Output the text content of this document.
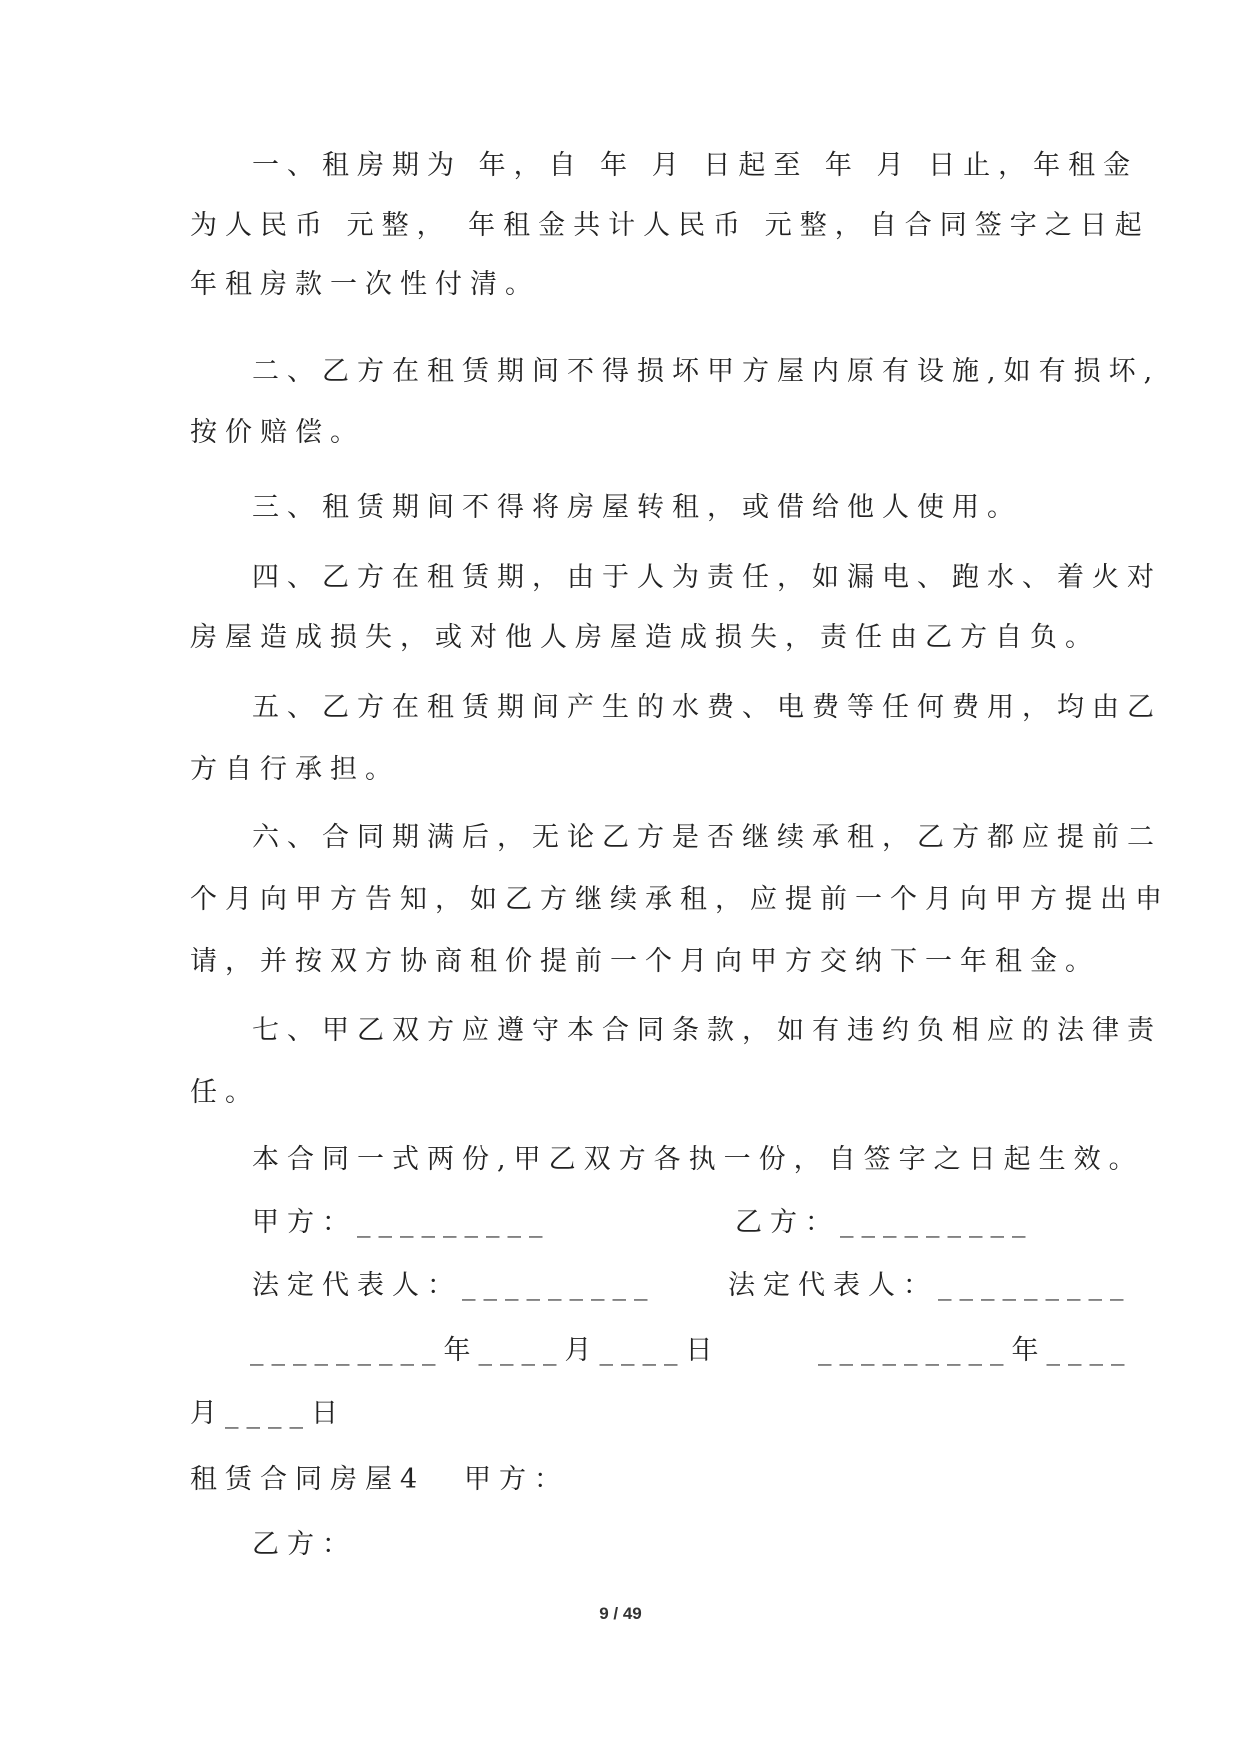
一、租房期为 年，自 年 月 日起至 年 月 日止，年租金

为人民币 元整， 年租金共计人民币 元整，自合同签字之日起

年租房款一次性付清。

二、乙方在租赁期间不得损坏甲方屋内原有设施,如有损坏,

按价赔偿。

三、租赁期间不得将房屋转租，或借给他人使用。

四、乙方在租赁期，由于人为责任，如漏电、跑水、着火对

房屋造成损失，或对他人房屋造成损失，责任由乙方自负。

五、乙方在租赁期间产生的水费、电费等任何费用，均由乙

方自行承担。

六、合同期满后，无论乙方是否继续承租，乙方都应提前二

个月向甲方告知，如乙方继续承租，应提前一个月向甲方提出申

请，并按双方协商租价提前一个月向甲方交纳下一年租金。

七、甲乙双方应遵守本合同条款，如有违约负相应的法律责

任。

本合同一式两份,甲乙双方各执一份，自签字之日起生效。

甲方：_________	乙方：_________

法定代表人：_________	法定代表人：_________

_________年____月____日	_________年____

月____日

租赁合同房屋4 甲方：

乙方：

9 / 49
